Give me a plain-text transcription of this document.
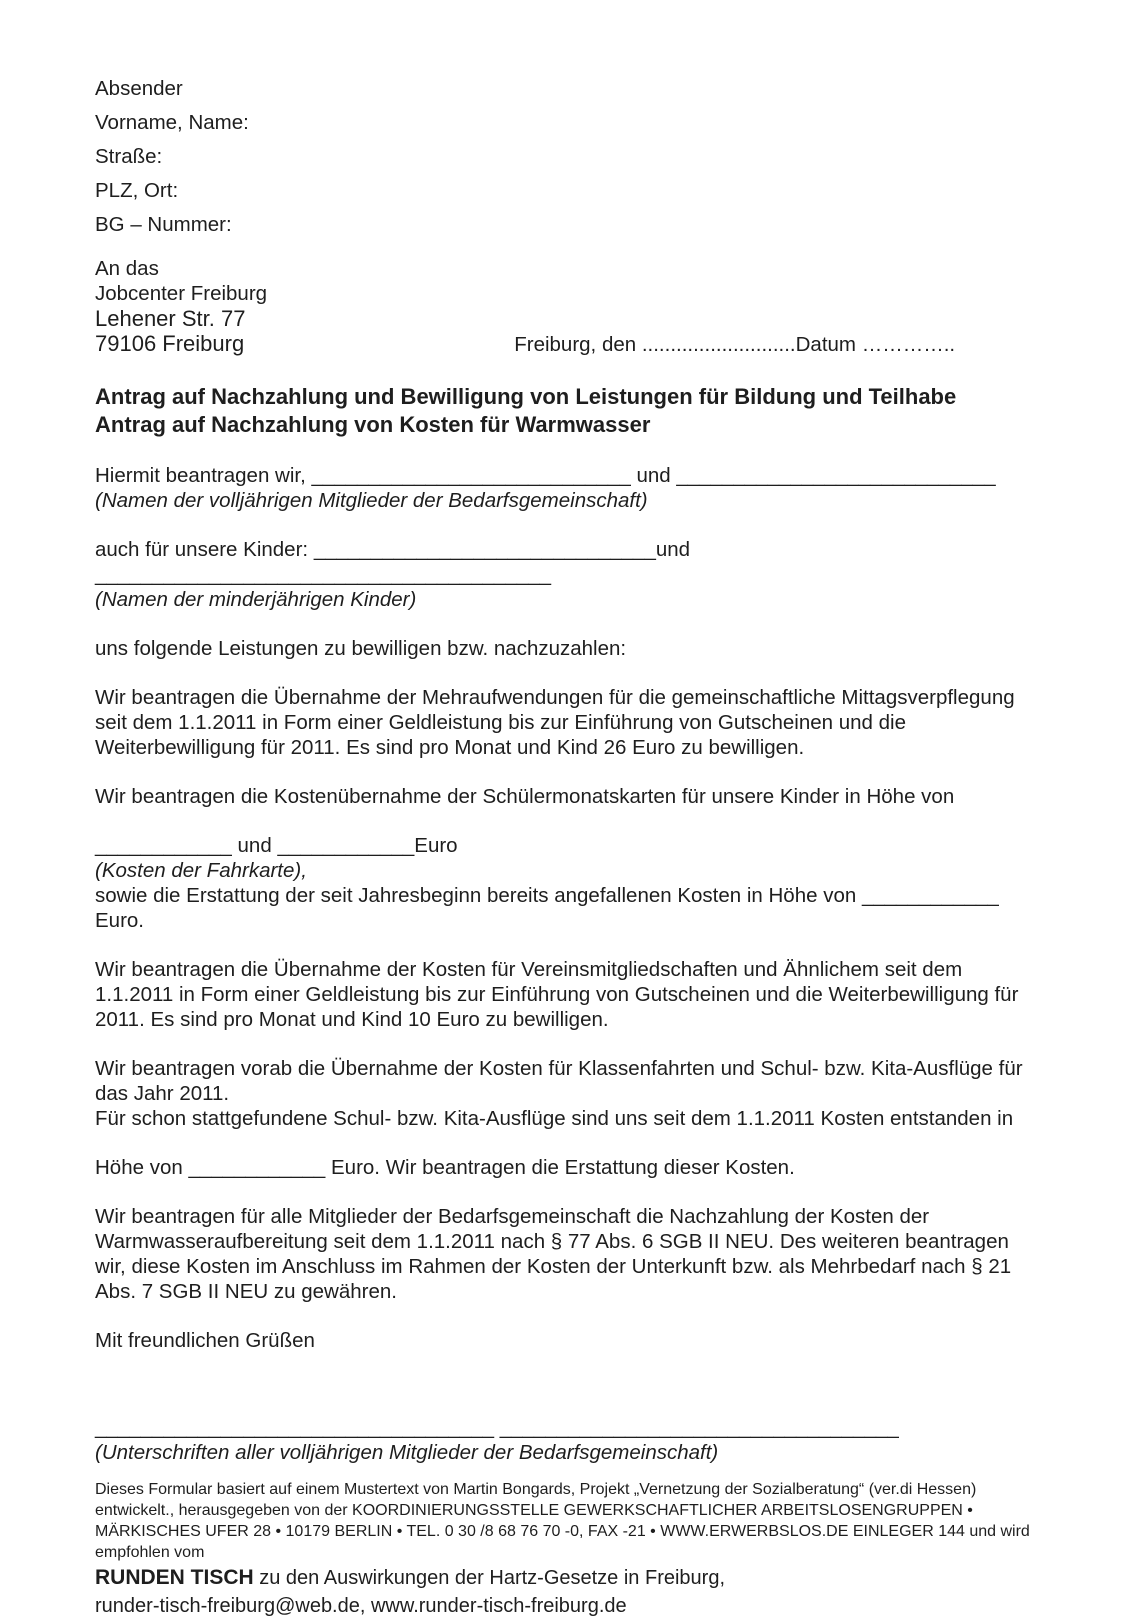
Absender

Vorname, Name:

Straße:

PLZ, Ort:

BG – Nummer:

An das

Jobcenter Freiburg

Lehener Str. 77

79106 Freiburg	Freiburg, den ...........................Datum …………..

Antrag auf Nachzahlung und Bewilligung von Leistungen für Bildung und Teilhabe
Antrag auf Nachzahlung von Kosten für Warmwasser

Hiermit beantragen wir, ____________________________ und ____________________________

(Namen der volljährigen Mitglieder der Bedarfsgemeinschaft)

auch für unsere Kinder: ______________________________und ________________________________________

(Namen der minderjährigen Kinder)

uns folgende Leistungen zu bewilligen bzw. nachzuzahlen:

Wir beantragen die Übernahme der Mehraufwendungen für die gemeinschaftliche Mittagsverpflegung seit dem 1.1.2011 in Form einer Geldleistung bis zur Einführung von Gutscheinen und die Weiterbewilligung für 2011. Es sind pro Monat und Kind 26 Euro zu bewilligen.

Wir beantragen die Kostenübernahme der Schülermonatskarten für unsere Kinder in Höhe von

____________ und ____________Euro

(Kosten der Fahrkarte),

sowie die Erstattung der seit Jahresbeginn bereits angefallenen Kosten in Höhe von ____________

Euro.

Wir beantragen die Übernahme der Kosten für Vereinsmitgliedschaften und Ähnlichem seit dem 1.1.2011 in Form einer Geldleistung bis zur Einführung von Gutscheinen und die Weiterbewilligung für 2011. Es sind pro Monat und Kind 10 Euro zu bewilligen.

Wir beantragen vorab die Übernahme der Kosten für Klassenfahrten und Schul- bzw. Kita-Ausflüge für das Jahr 2011.

Für schon stattgefundene Schul- bzw. Kita-Ausflüge sind uns seit dem 1.1.2011 Kosten entstanden in

Höhe von ____________ Euro. Wir beantragen die Erstattung dieser Kosten.

Wir beantragen für alle Mitglieder der Bedarfsgemeinschaft die Nachzahlung der Kosten der Warmwasseraufbereitung seit dem 1.1.2011 nach § 77 Abs. 6 SGB II NEU. Des weiteren beantragen wir, diese Kosten im Anschluss im Rahmen der Kosten der Unterkunft bzw. als Mehrbedarf nach § 21 Abs. 7 SGB II NEU zu gewähren.

Mit freundlichen Grüßen

___________________________________ ___________________________________

(Unterschriften aller volljährigen Mitglieder der Bedarfsgemeinschaft)

Dieses Formular basiert auf einem Mustertext von Martin Bongards, Projekt „Vernetzung der Sozialberatung“ (ver.di Hessen) entwickelt., herausgegeben von der KOORDINIERUNGSSTELLE GEWERKSCHAFTLICHER ARBEITSLOSENGRUPPEN • MÄRKISCHES UFER 28 • 10179 BERLIN • TEL. 0 30 /8 68 76 70 -0, FAX -21 • WWW.ERWERBSLOS.DE EINLEGER 144 und wird empfohlen vom

RUNDEN TISCH zu den Auswirkungen der Hartz-Gesetze in Freiburg,

runder-tisch-freiburg@web.de, www.runder-tisch-freiburg.de
